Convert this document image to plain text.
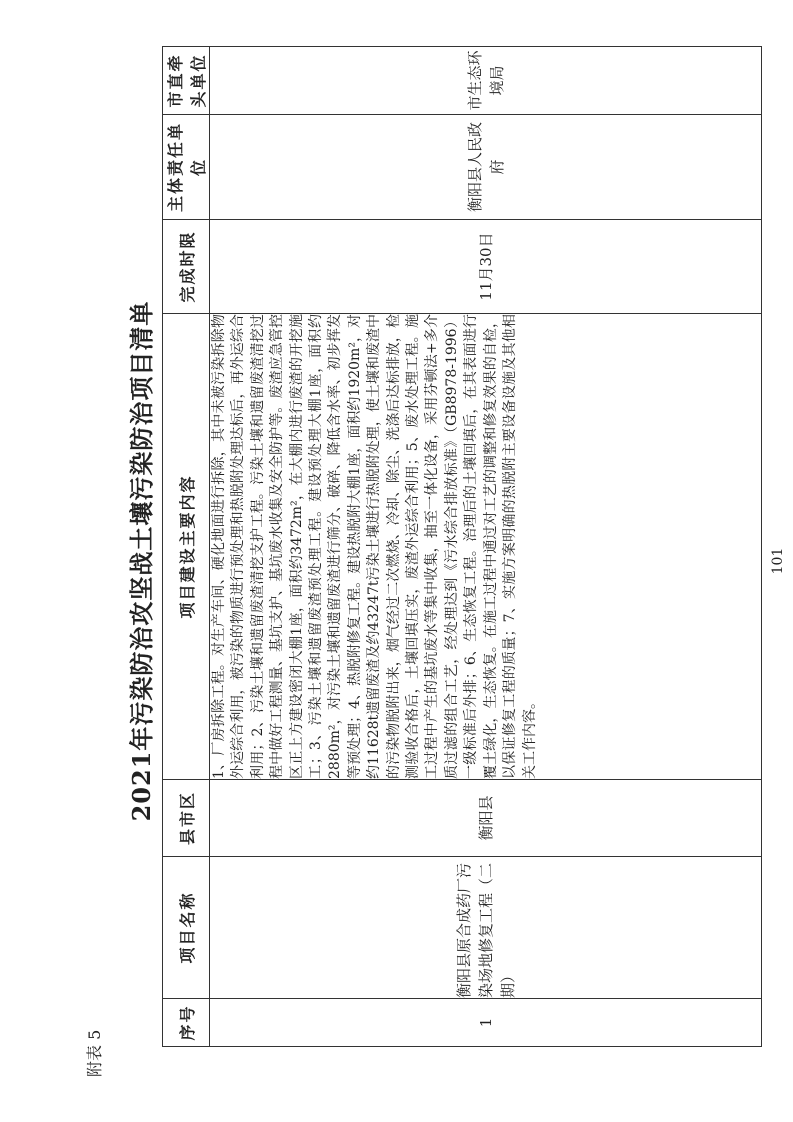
附表 5
2021年污染防治攻坚战土壤污染防治项目清单
序号	项目名称	县市区	项目建设主要内容	完成时限	主体责任单位	市直牵头单位
1	衡阳县原合成药厂污染场地修复工程（二期）	衡阳县	1、厂房拆除工程。对生产车间、硬化地面进行拆除，其中未被污染拆除物外运综合利用，被污染的物质进行预处理和热脱附处理达标后，再外运综合利用；2、污染土壤和遗留废渣清挖支护工程。污染土壤和遗留废渣清挖过程中做好工程测量、基坑支护、基坑废水收集及安全防护等。废渣应急管控区正上方建设密闭大棚1座，面积约3472m²，在大棚内进行废渣的开挖施工；3、污染土壤和遗留废渣预处理工程。建设预处理大棚1座，面积约2880m²，对污染土壤和遗留废渣进行筛分、破碎、降低含水率、初步挥发等预处理；4、热脱附修复工程。建设热脱附大棚1座，面积约1920m²，对约11628t遗留废渣及约43247t污染土壤进行热脱附处理，使土壤和废渣中的污染物脱附出来，烟气经过二次燃烧、冷却、除尘、洗涤后达标排放，检测验收合格后，土壤回填压实，废渣外运综合利用；5、废水处理工程。施工过程中产生的基坑废水等集中收集，抽至一体化设备，采用芬顿法+多介质过滤的组合工艺，经处理达到《污水综合排放标准》（GB8978-1996）一级标准后外排；6、生态恢复工程。治理后的土壤回填后，在其表面进行覆土绿化，生态恢复。在施工过程中通过对工艺的调整和修复效果的自检，以保证修复工程的质量；7、实施方案明确的热脱附主要设备设施及其他相关工作内容。	11月30日	衡阳县人民政府	市生态环境局
101
